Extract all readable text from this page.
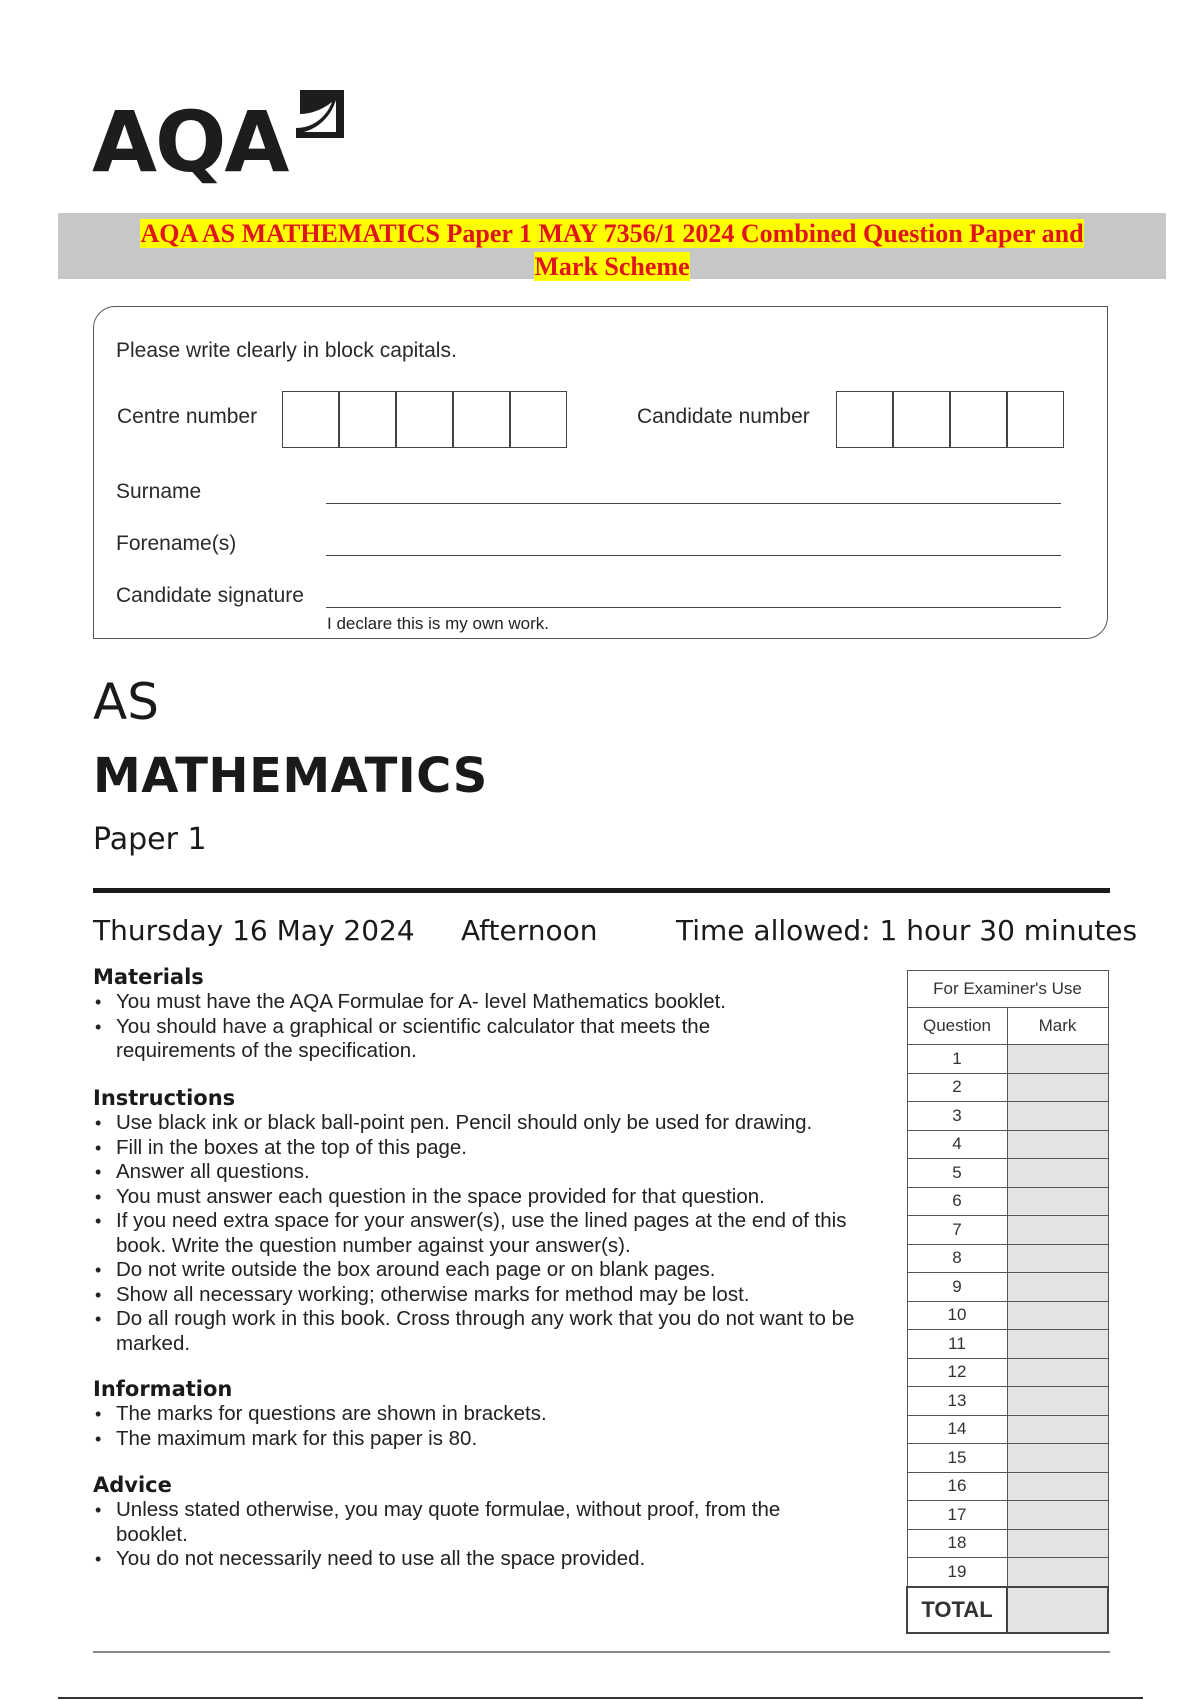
AQA
AQA AS MATHEMATICS Paper 1 MAY 7356/1 2024 Combined Question Paper and
Mark Scheme
Please write clearly in block capitals.
Centre number	Candidate number
Surname
Forename(s)
Candidate signature
I declare this is my own work.
AS
MATHEMATICS
Paper 1
Thursday 16 May 2024 Afternoon	Time allowed: 1 hour 30 minutes
Materials
• You must have the AQA Formulae for A- level Mathematics booklet.
• You should have a graphical or scientific calculator that meets the requirements of the specification.
Instructions
• Use black ink or black ball-point pen. Pencil should only be used for drawing.
• Fill in the boxes at the top of this page.
• Answer all questions.
• You must answer each question in the space provided for that question.
• If you need extra space for your answer(s), use the lined pages at the end of this book. Write the question number against your answer(s).
• Do not write outside the box around each page or on blank pages.
• Show all necessary working; otherwise marks for method may be lost.
• Do all rough work in this book. Cross through any work that you do not want to be marked.
Information
• The marks for questions are shown in brackets.
• The maximum mark for this paper is 80.
Advice
• Unless stated otherwise, you may quote formulae, without proof, from the booklet.
• You do not necessarily need to use all the space provided.
For Examiner's Use	
Question	Mark
1	
2	
3	
4	
5	
6	
7	
8	
9	
10	
11	
12	
13	
14	
15	
16	
17	
18	
19	
TOTAL	
